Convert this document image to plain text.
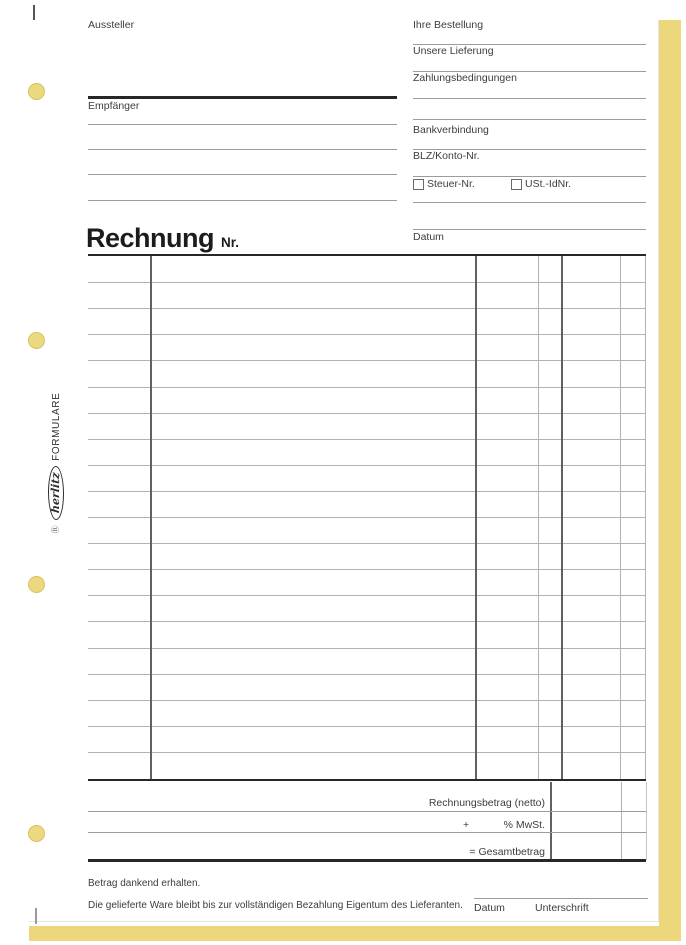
Ⓡ
herlitz
FORMULARE
Aussteller
Empfänger
Ihre Bestellung
Unsere Lieferung
Zahlungsbedingungen
Bankverbindung
BLZ/Konto-Nr.
Steuer-Nr.	USt.-IdNr.
Datum
Rechnung Nr.
Rechnungsbetrag (netto)
+	% MwSt.
= Gesamtbetrag
Betrag dankend erhalten.
Die gelieferte Ware bleibt bis zur vollständigen Bezahlung Eigentum des Lieferanten. Datum	Unterschrift
